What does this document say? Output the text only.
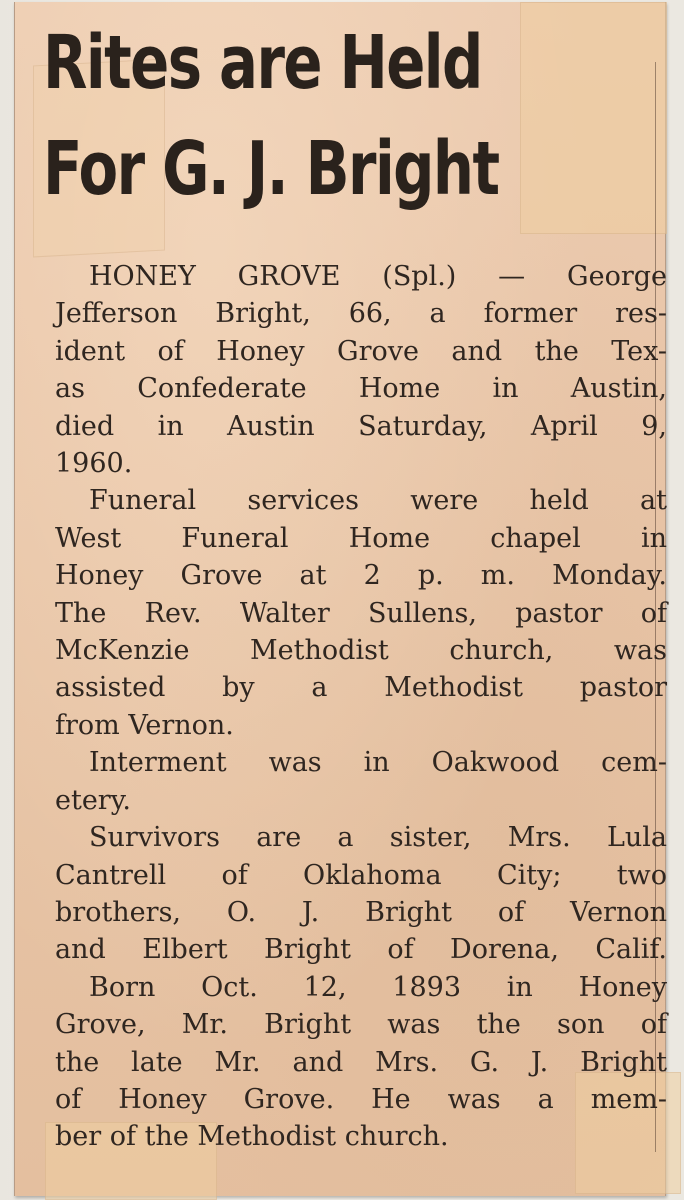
Rites are Held
For G. J. Bright

HONEY GROVE (Spl.) — George
Jefferson Bright, 66, a former res-
ident of Honey Grove and the Tex-
as Confederate Home in Austin,
died in Austin Saturday, April 9,
1960.

Funeral services were held at
West Funeral Home chapel in
Honey Grove at 2 p. m. Monday.
The Rev. Walter Sullens, pastor of
McKenzie Methodist church, was
assisted by a Methodist pastor
from Vernon.

Interment was in Oakwood cem-
etery.

Survivors are a sister, Mrs. Lula
Cantrell of Oklahoma City; two
brothers, O. J. Bright of Vernon
and Elbert Bright of Dorena, Calif.

Born Oct. 12, 1893 in Honey
Grove, Mr. Bright was the son of
the late Mr. and Mrs. G. J. Bright
of Honey Grove. He was a mem-
ber of the Methodist church.
